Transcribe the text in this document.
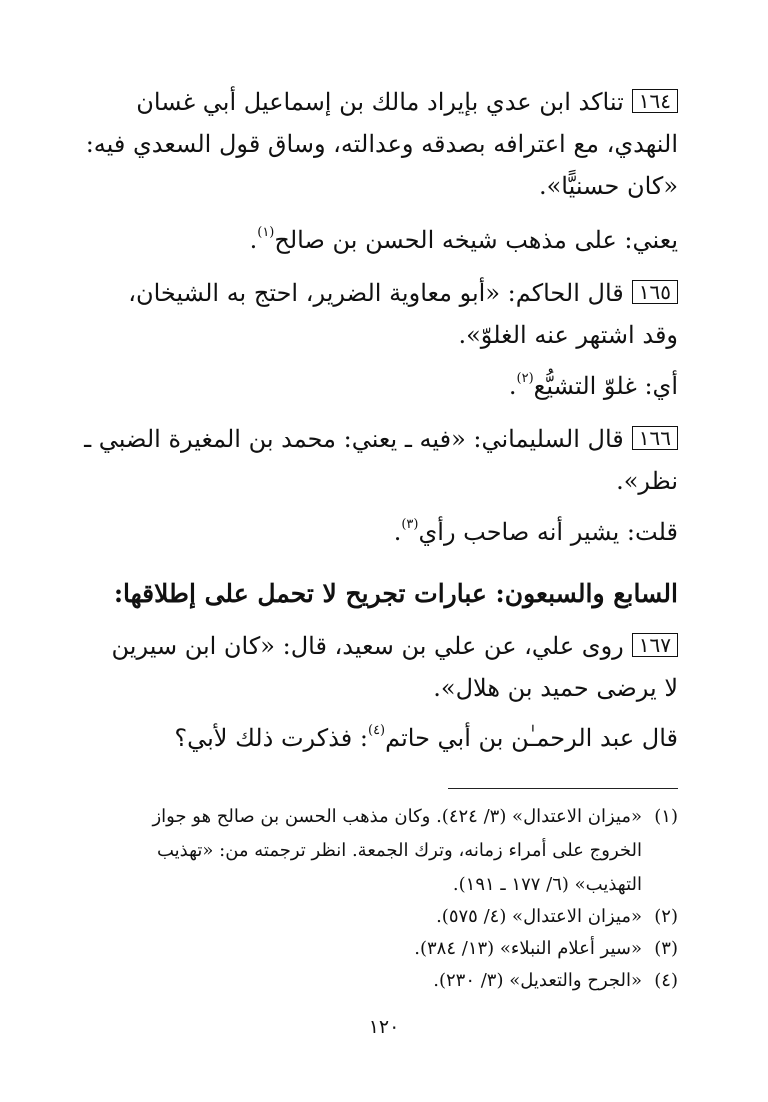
١٦٤تناكد ابن عدي بإيراد مالك بن إسماعيل أبي غسان
النهدي، مع اعترافه بصدقه وعدالته، وساق قول السعدي فيه:
«كان حسنيًّا».
يعني: على مذهب شيخه الحسن بن صالح$^{(١)}$.
١٦٥قال الحاكم: «أبو معاوية الضرير، احتج به الشيخان،
وقد اشتهر عنه الغلوّ».
أي: غلوّ التشيُّع$^{(٢)}$.
١٦٦قال السليماني: «فيه ـ يعني: محمد بن المغيرة الضبي ـ
نظر».
قلت: يشير أنه صاحب رأي$^{(٣)}$.
السابع والسبعون: عبارات تجريح لا تحمل على إطلاقها:
١٦٧روى علي، عن علي بن سعيد، قال: «كان ابن سيرين
لا يرضى حميد بن هلال».
قال عبد الرحمـٰن بن أبي حاتم$^{(٤)}$: فذكرت ذلك لأبي؟
(١)«ميزان الاعتدال» (٣/ ٤٢٤). وكان مذهب الحسن بن صالح هو جواز
الخروج على أمراء زمانه، وترك الجمعة. انظر ترجمته من: «تهذيب
التهذيب» (٦/ ١٧٧ ـ ١٩١).
(٢)«ميزان الاعتدال» (٤/ ٥٧٥).
(٣)«سير أعلام النبلاء» (١٣/ ٣٨٤).
(٤)«الجرح والتعديل» (٣/ ٢٣٠).
١٢٠
